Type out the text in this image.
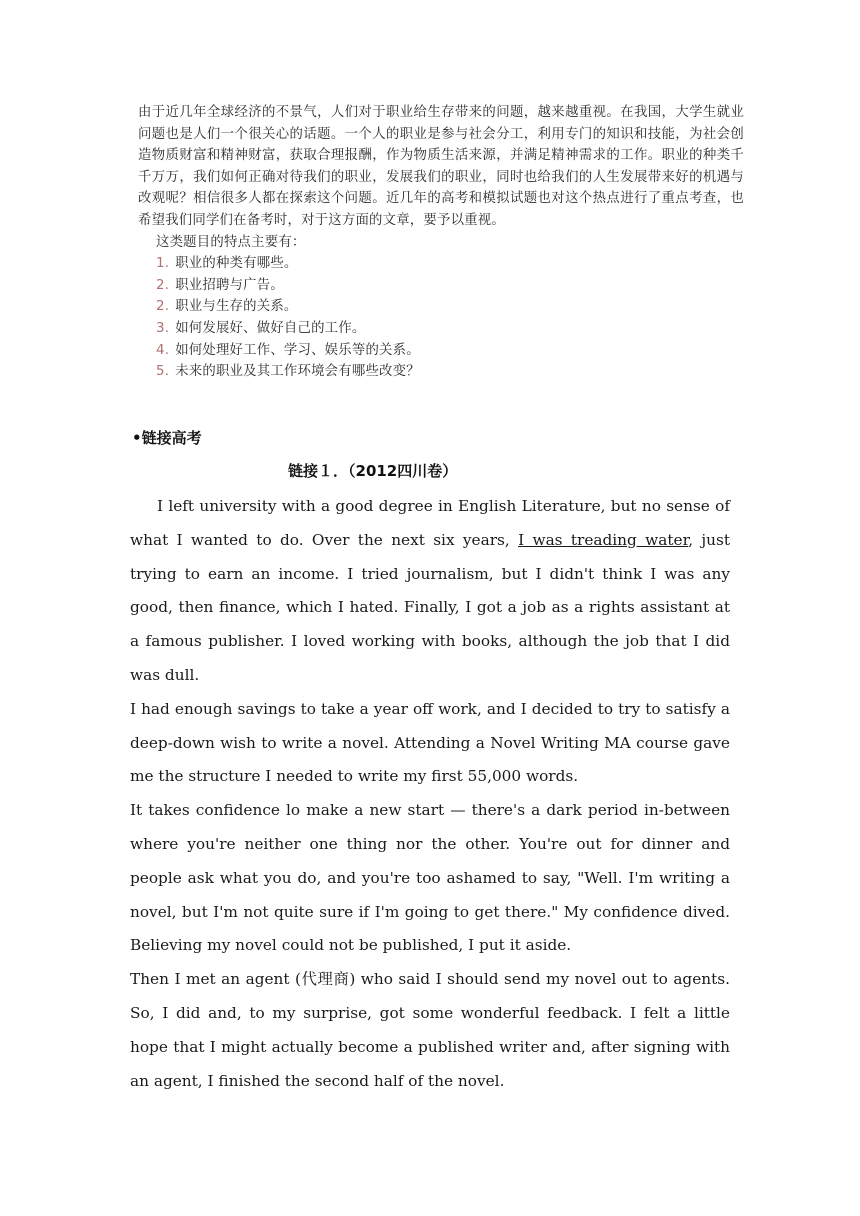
由于近几年全球经济的不景气，人们对于职业给生存带来的问题，越来越重视。在我国，大学生就业问题也是人们一个很关心的话题。一个人的职业是参与社会分工，利用专门的知识和技能，为社会创造物质财富和精神财富，获取合理报酬，作为物质生活来源，并满足精神需求的工作。职业的种类千千万万，我们如何正确对待我们的职业，发展我们的职业，同时也给我们的人生发展带来好的机遇与改观呢？相信很多人都在探索这个问题。近几年的高考和模拟试题也对这个热点进行了重点考查，也希望我们同学们在备考时，对于这方面的文章，要予以重视。

这类题目的特点主要有：

1. 职业的种类有哪些。
2. 职业招聘与广告。
2. 职业与生存的关系。
3. 如何发展好、做好自己的工作。
4. 如何处理好工作、学习、娱乐等的关系。
5. 未来的职业及其工作环境会有哪些改变？
•链接高考
链接１．（2012四川卷）

I left university with a good degree in English Literature, but no sense of what I wanted to do. Over the next six years, I was treading water, just trying to earn an income. I tried journalism, but I didn't think I was any good, then finance, which I hated. Finally, I got a job as a rights assistant at a famous publisher. I loved working with books, although the job that I did was dull.

I had enough savings to take a year off work, and I decided to try to satisfy a deep-down wish to write a novel. Attending a Novel Writing MA course gave me the structure I needed to write my first 55,000 words.

It takes confidence lo make a new start — there's a dark period in-between where you're neither one thing nor the other. You're out for dinner and people ask what you do, and you're too ashamed to say, "Well. I'm writing a novel, but I'm not quite sure if I'm going to get there." My confidence dived. Believing my novel could not be published, I put it aside.

Then I met an agent (代理商) who said I should send my novel out to agents. So, I did and, to my surprise, got some wonderful feedback. I felt a little hope that I might actually become a published writer and, after signing with an agent, I finished the second half of the novel.
